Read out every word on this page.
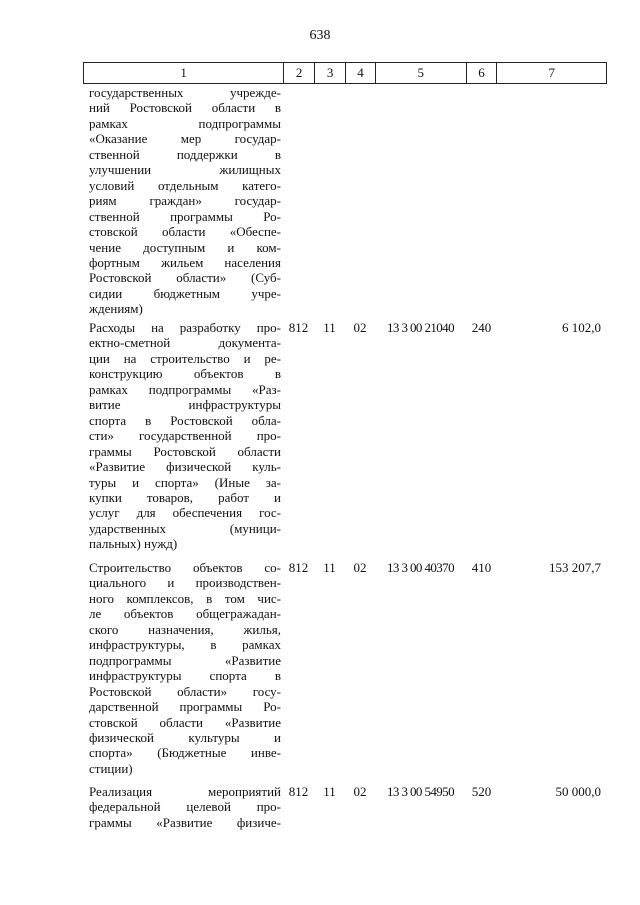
638
1	2	3	4	5	6	7
государственных учрежде-
ний Ростовской области в
рамках подпрограммы
«Оказание мер государ-
ственной поддержки в
улучшении жилищных
условий отдельным катего-
риям граждан» государ-
ственной программы Ро-
стовской области «Обеспе-
чение доступным и ком-
фортным жильем населения
Ростовской области» (Суб-
сидии бюджетным учре-
ждениям)
Расходы на разработку про-
ектно-сметной документа-
ции на строительство и ре-
конструкцию объектов в
рамках подпрограммы «Раз-
витие инфраструктуры
спорта в Ростовской обла-
сти» государственной про-
граммы Ростовской области
«Развитие физической куль-
туры и спорта» (Иные за-
купки товаров, работ и
услуг для обеспечения гос-
ударственных (муници-
пальных) нужд)
812	11	02	13 3 00 21040	240	6 102,0
Строительство объектов со-
циального и производствен-
ного комплексов, в том чис-
ле объектов общегражадан-
ского назначения, жилья,
инфраструктуры, в рамках
подпрограммы «Развитие
инфраструктуры спорта в
Ростовской области» госу-
дарственной программы Ро-
стовской области «Развитие
физической культуры и
спорта» (Бюджетные инве-
стиции)
812	11	02	13 3 00 40370	410	153 207,7
Реализация мероприятий
федеральной целевой про-
граммы «Развитие физиче-
812	11	02	13 3 00 54950	520	50 000,0
